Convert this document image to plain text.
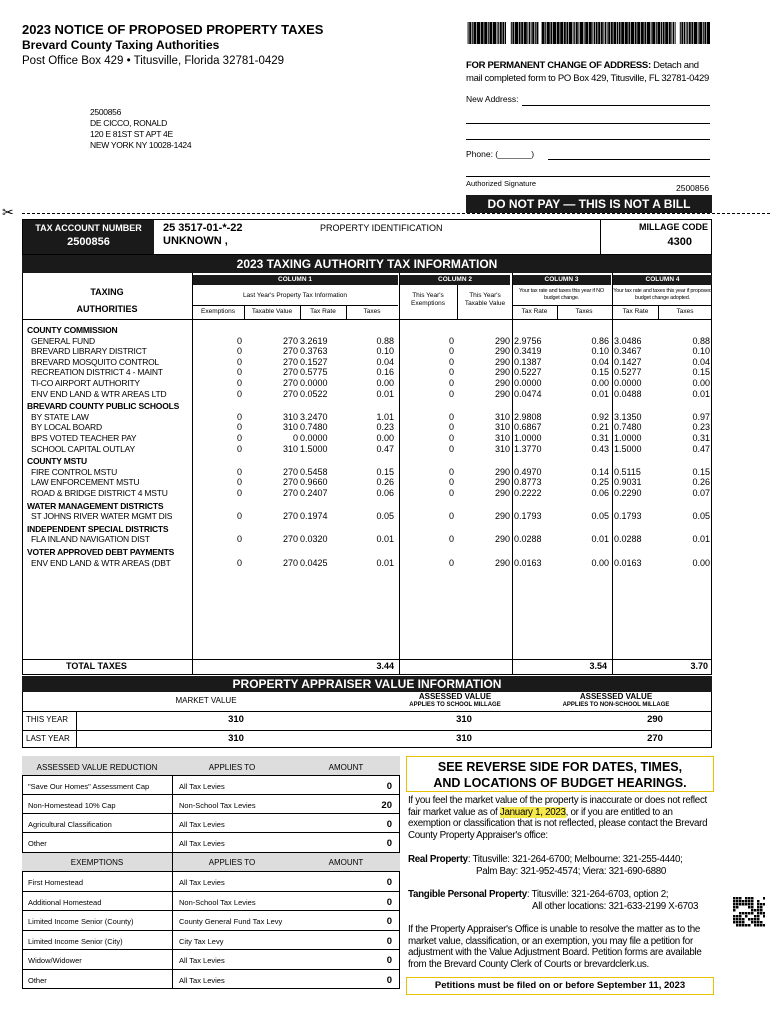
2023 NOTICE OF PROPOSED PROPERTY TAXES
Brevard County Taxing Authorities
Post Office Box 429 • Titusville, Florida 32781-0429	FOR PERMANENT CHANGE OF ADDRESS: Detach and
mail completed form to PO Box 429, Titusville, FL 32781-0429
New Address:
Phone: (_______)
Authorized Signature	2500856
2500856
DE CICCO, RONALD
120 E 81ST ST APT 4E
NEW YORK NY 10028-1424
DO NOT PAY — THIS IS NOT A BILL
✂
TAX ACCOUNT NUMBER
2500856
25 3517-01-*-22
UNKNOWN ,
PROPERTY IDENTIFICATION	MILLAGE CODE
4300
2023 TAXING AUTHORITY TAX INFORMATION
TAXING
AUTHORITIES
COLUMN 1	COLUMN 2	COLUMN 3	COLUMN 4
Last Year's Property Tax Information	This Year's Exemptions
This Year's Taxable Value
Your tax rate and taxes this year if NO budget change.
Your tax rate and taxes this year if proposed budget change adopted.
Exemptions	Taxable Value	Tax Rate	Taxes	Tax Rate	Taxes	Tax Rate	Taxes
COUNTY COMMISSION
GENERAL FUND	0	270 3.2619	0.88	0	290 2.9756	0.86 3.0486	0.88
BREVARD LIBRARY DISTRICT	0	270 0.3763	0.10	0	290 0.3419	0.10 0.3467	0.10
BREVARD MOSQUITO CONTROL	0	270 0.1527	0.04	0	290 0.1387	0.04 0.1427	0.04
RECREATION DISTRICT 4 - MAINT	0	270 0.5775	0.16	0	290 0.5227	0.15 0.5277	0.15
TI-CO AIRPORT AUTHORITY	0	270 0.0000	0.00	0	290 0.0000	0.00 0.0000	0.00
ENV END LAND & WTR AREAS LTD	0	270 0.0522	0.01	0	290 0.0474	0.01 0.0488	0.01
BREVARD COUNTY PUBLIC SCHOOLS
BY STATE LAW	0	310 3.2470	1.01	0	310 2.9808	0.92 3.1350	0.97
BY LOCAL BOARD	0	310 0.7480	0.23	0	310 0.6867	0.21 0.7480	0.23
BPS VOTED TEACHER PAY	0	0 0.0000	0.00	0	310 1.0000	0.31 1.0000	0.31
SCHOOL CAPITAL OUTLAY	0	310 1.5000	0.47	0	310 1.3770	0.43 1.5000	0.47
COUNTY MSTU
FIRE CONTROL MSTU	0	270 0.5458	0.15	0	290 0.4970	0.14 0.5115	0.15
LAW ENFORCEMENT MSTU	0	270 0.9660	0.26	0	290 0.8773	0.25 0.9031	0.26
ROAD & BRIDGE DISTRICT 4 MSTU	0	270 0.2407	0.06	0	290 0.2222	0.06 0.2290	0.07
WATER MANAGEMENT DISTRICTS
ST JOHNS RIVER WATER MGMT DIS	0	270 0.1974	0.05	0	290 0.1793	0.05 0.1793	0.05
INDEPENDENT SPECIAL DISTRICTS
FLA INLAND NAVIGATION DIST	0	270 0.0320	0.01	0	290 0.0288	0.01 0.0288	0.01
VOTER APPROVED DEBT PAYMENTS
ENV END LAND & WTR AREAS (DBT	0	270 0.0425	0.01	0	290 0.0163	0.00 0.0163	0.00
TOTAL TAXES	3.44	3.54	3.70
PROPERTY APPRAISER VALUE INFORMATION
MARKET VALUE	ASSESSED VALUE
APPLIES TO SCHOOL MILLAGE
ASSESSED VALUE
APPLIES TO NON-SCHOOL MILLAGE
THIS YEAR
LAST YEAR
310	310	290
310	310	270
ASSESSED VALUE REDUCTION	APPLIES TO	AMOUNT
"Save Our Homes" Assessment Cap	All Tax Levies	0
Non-Homestead 10% Cap	Non-School Tax Levies	20
Agricultural Classification	All Tax Levies	0
Other	All Tax Levies	0
EXEMPTIONS	APPLIES TO	AMOUNT
First Homestead	All Tax Levies	0
Additional Homestead	Non-School Tax Levies	0
Limited Income Senior (County)	County General Fund Tax Levy	0
Limited Income Senior (City)	City Tax Levy	0
Widow/Widower	All Tax Levies	0
Other	All Tax Levies	0
SEE REVERSE SIDE FOR DATES, TIMES,
AND LOCATIONS OF BUDGET HEARINGS.
If you feel the market value of the property is inaccurate or does not reflect fair market value as of January 1, 2023, or if you are entitled to an exemption or classification that is not reflected, please contact the Brevard County Property Appraiser's office:
Real Property: Titusville: 321-264-6700; Melbourne: 321-255-4440;
Palm Bay: 321-952-4574; Viera: 321-690-6880
Tangible Personal Property: Titusville: 321-264-6703, option 2;
All other locations: 321-633-2199 X-6703
If the Property Appraiser's Office is unable to resolve the matter as to the market value, classification, or an exemption, you may file a petition for adjustment with the Value Adjustment Board. Petition forms are available from the Brevard County Clerk of Courts or brevardclerk.us.
Petitions must be filed on or before September 11, 2023
